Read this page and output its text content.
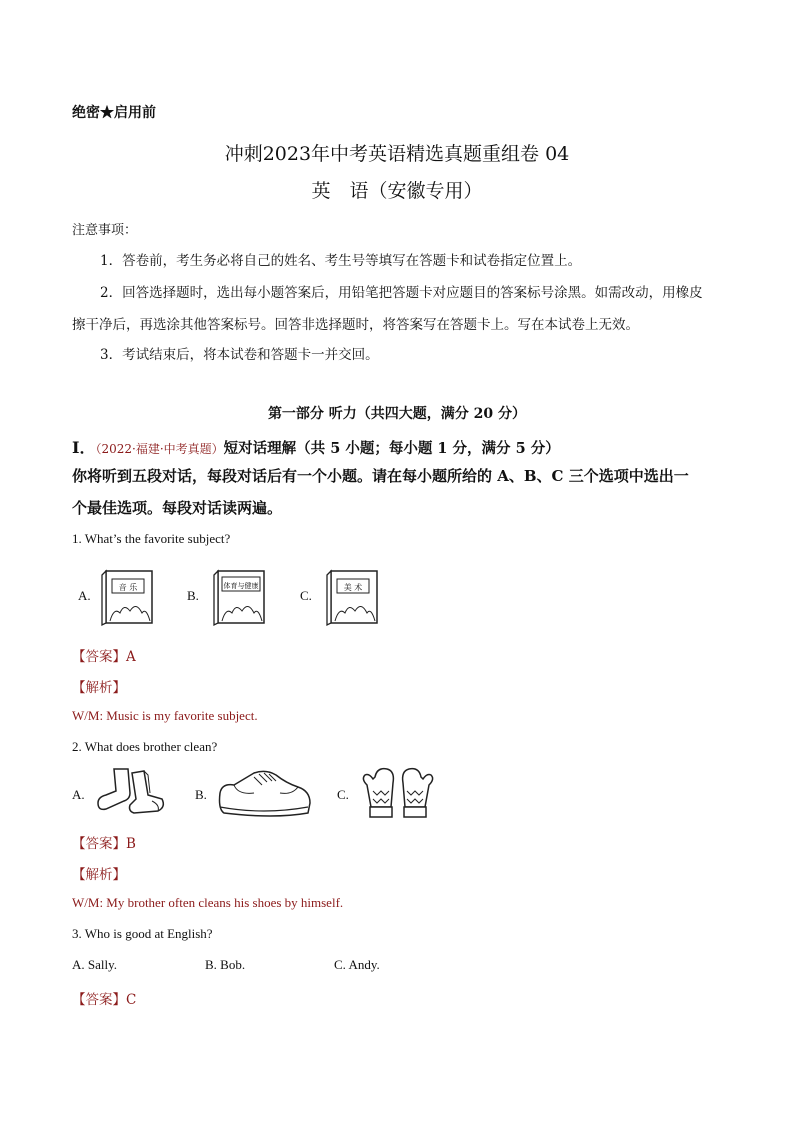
绝密★启用前
冲刺2023年中考英语精选真题重组卷 04
英　语（安徽专用）
注意事项：
1．答卷前，考生务必将自己的姓名、考生号等填写在答题卡和试卷指定位置上。
2．回答选择题时，选出每小题答案后，用铅笔把答题卡对应题目的答案标号涂黑。如需改动，用橡皮
擦干净后，再选涂其他答案标号。回答非选择题时，将答案写在答题卡上。写在本试卷上无效。
3．考试结束后，将本试卷和答题卡一并交回。
第一部分 听力（共四大题，满分 20 分）
Ⅰ．（2022·福建·中考真题）短对话理解（共 5 小题；每小题 1 分，满分 5 分）
你将听到五段对话，每段对话后有一个小题。请在每小题所给的 A、B、C 三个选项中选出一
个最佳选项。每段对话读两遍。
1. What’s the favorite subject?
A.
音 乐
B.
体育与健康
C.
美 术
【答案】A
【解析】
W/M: Music is my favorite subject.
2. What does brother clean?
A.	B.	C.
【答案】B
【解析】
W/M: My brother often cleans his shoes by himself.
3. Who is good at English?
A. Sally.	B. Bob.	C. Andy.
【答案】C
